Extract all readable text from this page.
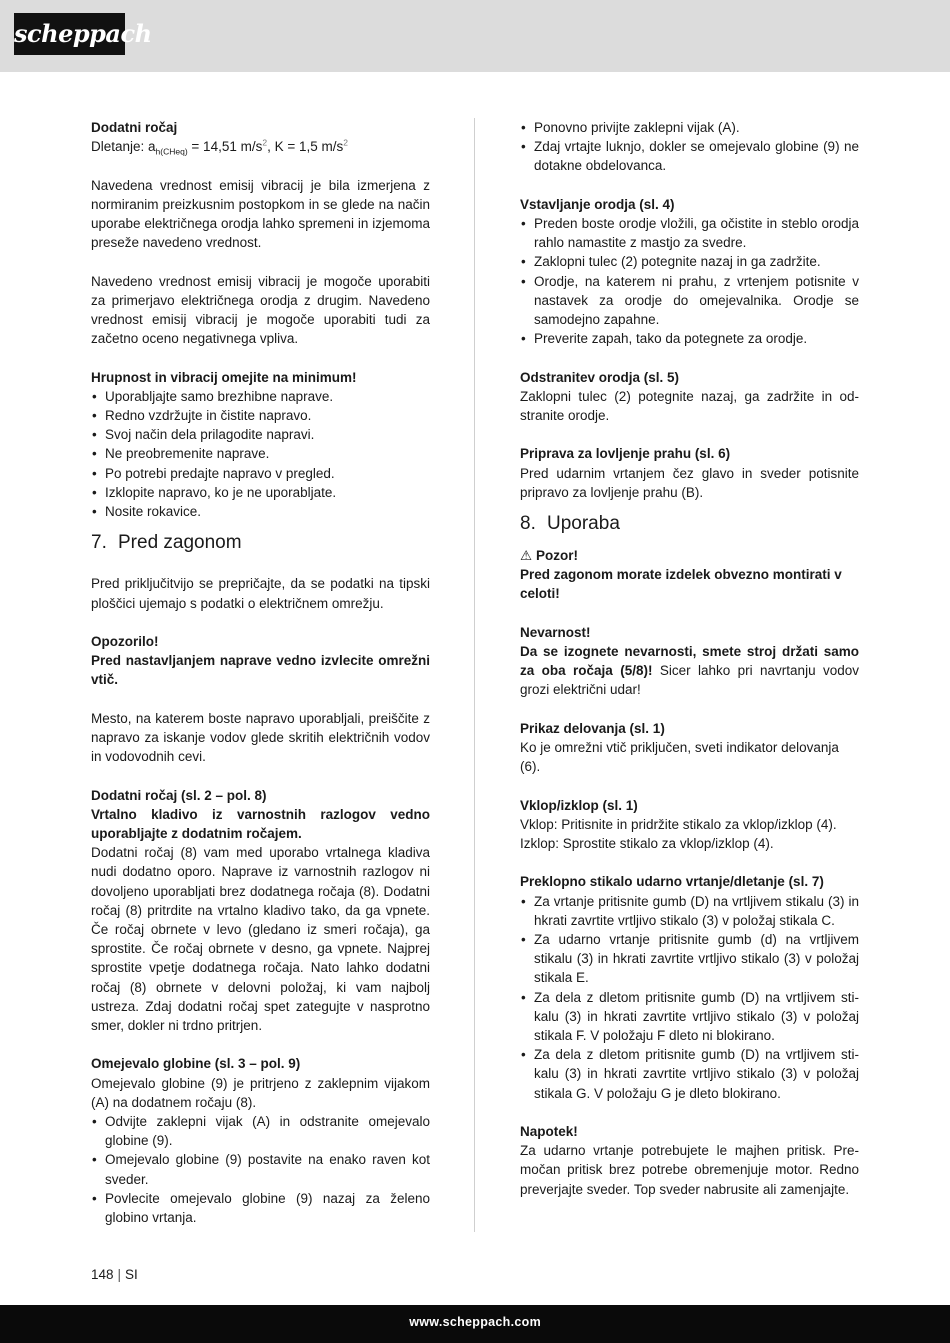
scheppach

Dodatni ročaj

Dletanje: $a_{h(CHeq)} = 14,51$ $m/s^2$, K = 1,5 $m/s^2$

Navedena vrednost emisij vibracij je bila izmerjena z normiranim preizkusnim postopkom in se glede na način uporabe električnega orodja lahko spremeni in izjemoma preseže navedeno vrednost.

Navedeno vrednost emisij vibracij je mogoče uporabiti za primerjavo električnega orodja z drugim. Navedeno vrednost emisij vibracij je mogoče uporabiti tudi za začetno oceno negativnega vpliva.

Hrupnost in vibracij omejite na minimum!

• Uporabljajte samo brezhibne naprave.
• Redno vzdržujte in čistite napravo.
• Svoj način dela prilagodite napravi.
• Ne preobremenite naprave.
• Po potrebi predajte napravo v pregled.
• Izklopite napravo, ko je ne uporabljate.
• Nosite rokavice.
7. Pred zagonom

Pred priključitvijo se prepričajte, da se podatki na tipski ploščici ujemajo s podatki o električnem omrežju.

Opozorilo!

Pred nastavljanjem naprave vedno izvlecite omrežni vtič.

Mesto, na katerem boste napravo uporabljali, preiščite z napravo za iskanje vodov glede skritih električnih vodov in vodovodnih cevi.

Dodatni ročaj (sl. 2 – pol. 8)

Vrtalno kladivo iz varnostnih razlogov vedno uporabljajte z dodatnim ročajem.

Dodatni ročaj (8) vam med uporabo vrtalnega kladiva nudi dodatno oporo. Naprave iz varnostnih razlogov ni dovoljeno uporabljati brez dodatnega ročaja (8). Dodatni ročaj (8) pritrdite na vrtalno kladivo tako, da ga vpnete. Če ročaj obrnete v levo (gledano iz smeri ročaja), ga sprostite. Če ročaj obrnete v desno, ga vpnete. Najprej sprostite vpetje dodatnega ročaja. Nato lahko dodatni ročaj (8) obrnete v delovni položaj, ki vam najbolj ustreza. Zdaj dodatni ročaj spet zategujte v nasprotno smer, dokler ni trdno pritrjen.

Omejevalo globine (sl. 3 – pol. 9)

Omejevalo globine (9) je pritrjeno z zaklepnim vijakom (A) na dodatnem ročaju (8).

• Odvijte zaklepni vijak (A) in odstranite omejevalo globine (9).
• Omejevalo globine (9) postavite na enako raven kot sveder.
• Povlecite omejevalo globine (9) nazaj za želeno globino vrtanja.
• Ponovno privijte zaklepni vijak (A).
• Zdaj vrtajte luknjo, dokler se omejevalo globine (9) ne dotakne obdelovanca.

Vstavljanje orodja (sl. 4)

• Preden boste orodje vložili, ga očistite in steblo orodja rahlo namastite z mastjo za svedre.
• Zaklopni tulec (2) potegnite nazaj in ga zadržite.
• Orodje, na katerem ni prahu, z vrtenjem potisnite v nastavek za orodje do omejevalnika. Orodje se samodejno zapahne.
• Preverite zapah, tako da potegnete za orodje.

Odstranitev orodja (sl. 5)

Zaklopni tulec (2) potegnite nazaj, ga zadržite in odstranite orodje.

Priprava za lovljenje prahu (sl. 6)

Pred udarnim vrtanjem čez glavo in sveder potisnite pripravo za lovljenje prahu (B).

8. Uporaba

⚠ Pozor!

Pred zagonom morate izdelek obvezno montirati v celoti!

Nevarnost!

Da se izognete nevarnosti, smete stroj držati samo za oba ročaja (5/8)! Sicer lahko pri navrtanju vodov grozi električni udar!

Prikaz delovanja (sl. 1)

Ko je omrežni vtič priključen, sveti indikator delovanja (6).

Vklop/izklop (sl. 1)

Vklop: Pritisnite in pridržite stikalo za vklop/izklop (4).

Izklop: Sprostite stikalo za vklop/izklop (4).

Preklopno stikalo udarno vrtanje/dletanje (sl. 7)

• Za vrtanje pritisnite gumb (D) na vrtljivem stikalu (3) in hkrati zavrtite vrtljivo stikalo (3) v položaj stikala C.
• Za udarno vrtanje pritisnite gumb (d) na vrtljivem stikalu (3) in hkrati zavrtite vrtljivo stikalo (3) v položaj stikala E.
• Za dela z dletom pritisnite gumb (D) na vrtljivem stikalu (3) in hkrati zavrtite vrtljivo stikalo (3) v položaj stikala F. V položaju F dleto ni blokirano.
• Za dela z dletom pritisnite gumb (D) na vrtljivem stikalu (3) in hkrati zavrtite vrtljivo stikalo (3) v položaj stikala G. V položaju G je dleto blokirano.

Napotek!

Za udarno vrtanje potrebujete le majhen pritisk. Premočan pritisk brez potrebe obremenjuje motor. Redno preverjajte sveder. Top sveder nabrusite ali zamenjajte.

148 | SI
www.scheppach.com
